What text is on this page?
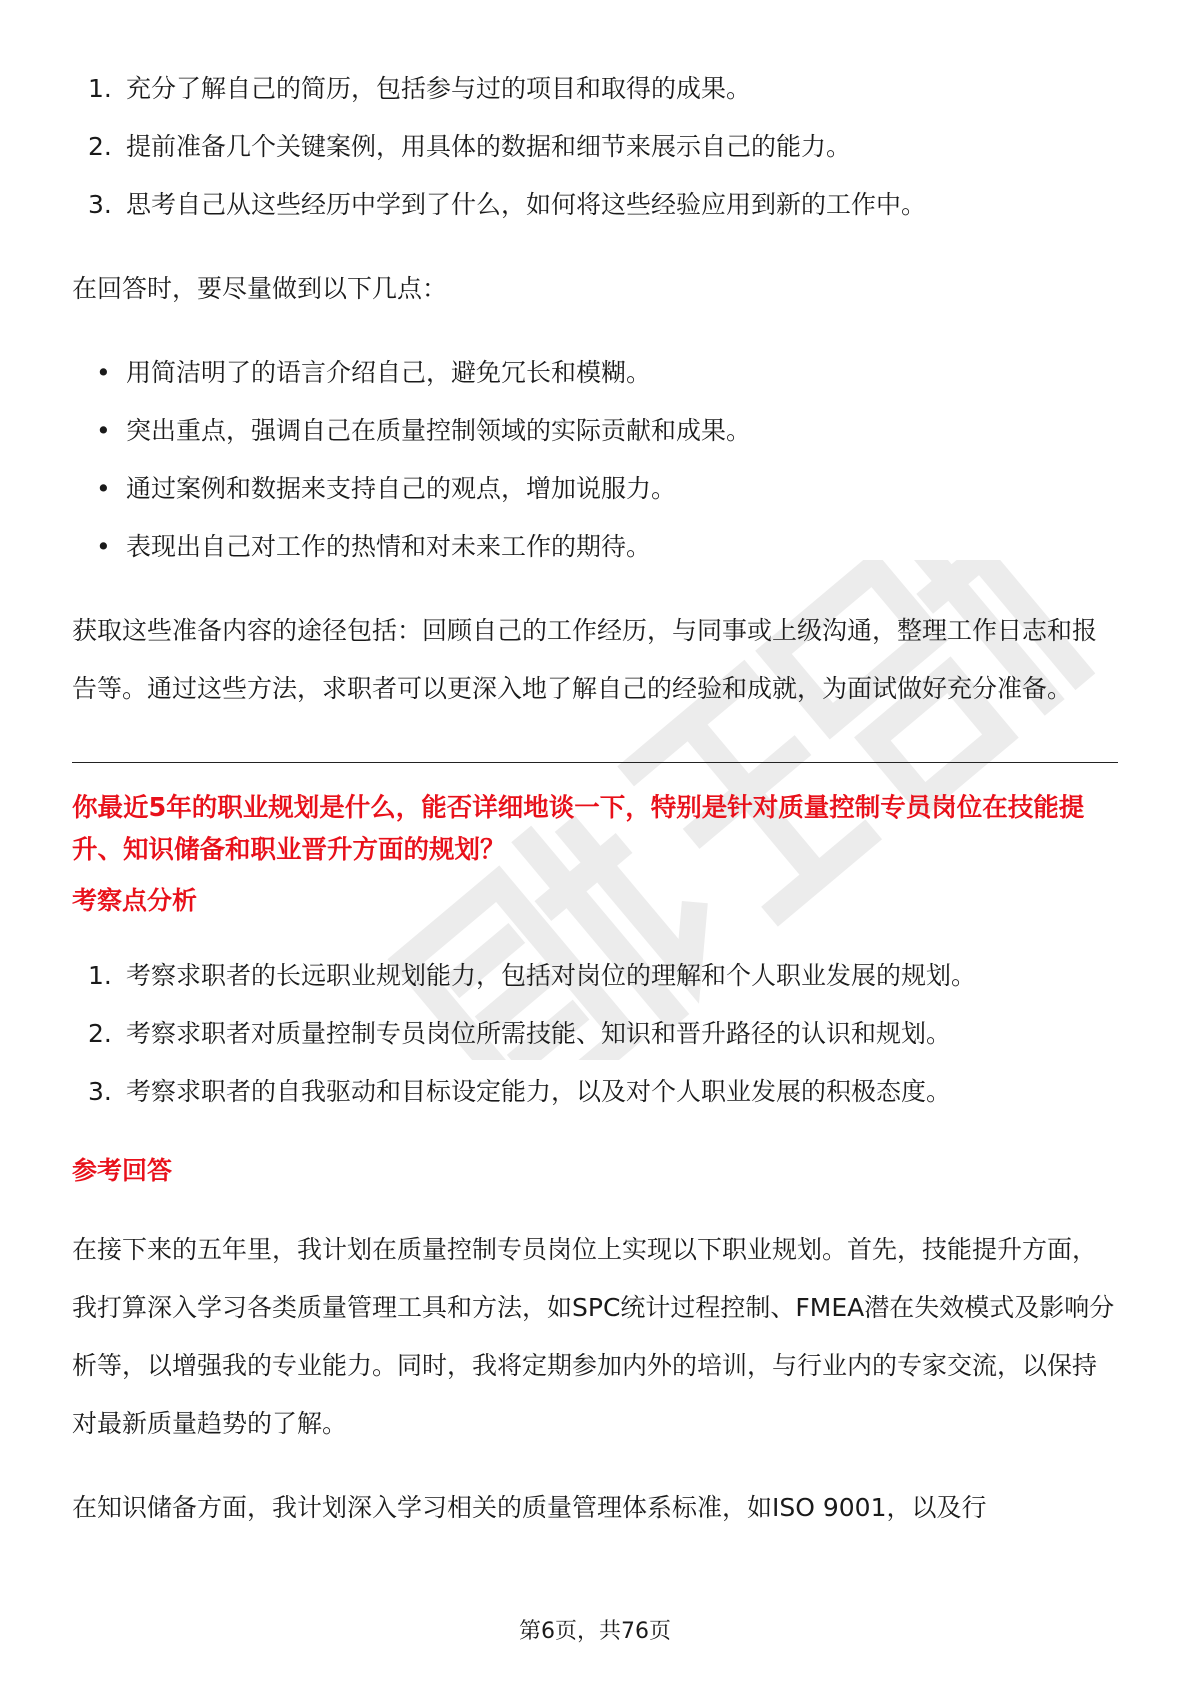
1. 充分了解自己的简历，包括参与过的项目和取得的成果。
2. 提前准备几个关键案例，用具体的数据和细节来展示自己的能力。
3. 思考自己从这些经历中学到了什么，如何将这些经验应用到新的工作中。

在回答时，要尽量做到以下几点：

• 用简洁明了的语言介绍自己，避免冗长和模糊。
• 突出重点，强调自己在质量控制领域的实际贡献和成果。
• 通过案例和数据来支持自己的观点，增加说服力。
• 表现出自己对工作的热情和对未来工作的期待。

获取这些准备内容的途径包括：回顾自己的工作经历，与同事或上级沟通，整理工作日志和报告等。通过这些方法，求职者可以更深入地了解自己的经验和成就，为面试做好充分准备。

你最近5年的职业规划是什么，能否详细地谈一下，特别是针对质量控制专员岗位在技能提升、知识储备和职业晋升方面的规划？

考察点分析
1. 考察求职者的长远职业规划能力，包括对岗位的理解和个人职业发展的规划。
2. 考察求职者对质量控制专员岗位所需技能、知识和晋升路径的认识和规划。
3. 考察求职者的自我驱动和目标设定能力，以及对个人职业发展的积极态度。
参考回答

在接下来的五年里，我计划在质量控制专员岗位上实现以下职业规划。首先，技能提升方面，我打算深入学习各类质量管理工具和方法，如SPC统计过程控制、FMEA潜在失效模式及影响分析等，以增强我的专业能力。同时，我将定期参加内外的培训，与行业内的专家交流，以保持对最新质量趋势的了解。

在知识储备方面，我计划深入学习相关的质量管理体系标准，如ISO 9001，以及行

第6页，共76页
